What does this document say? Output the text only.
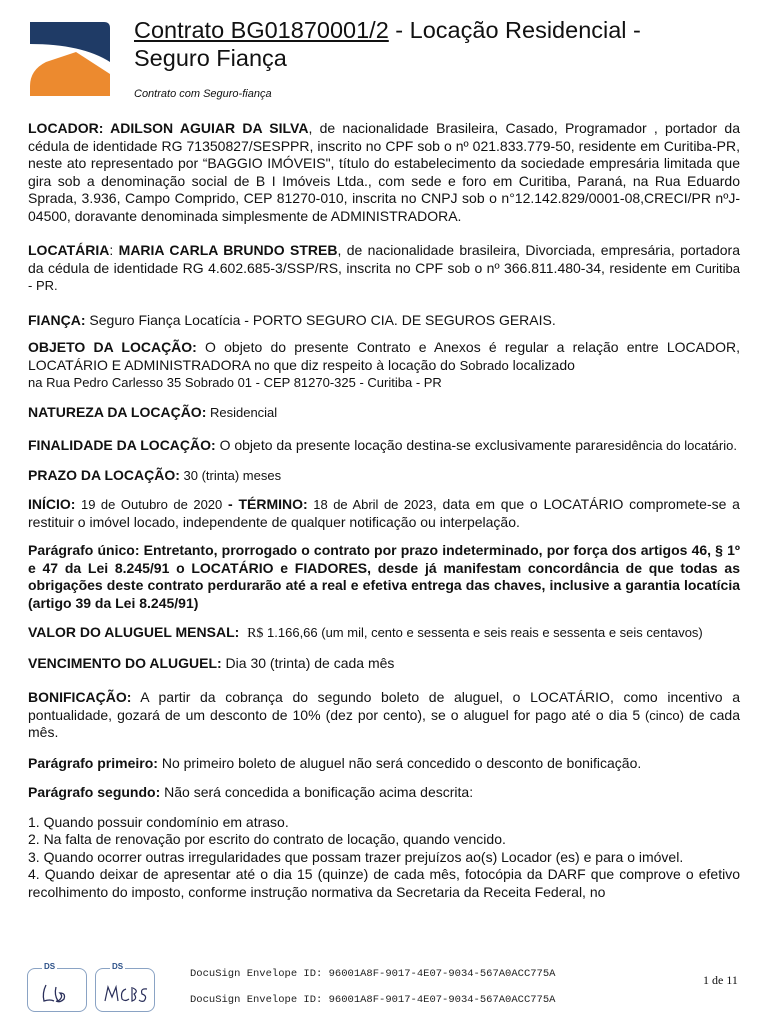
Contrato BG01870001/2 - Locação Residencial -
Seguro Fiança
Contrato com Seguro-fiança

LOCADOR: ADILSON AGUIAR DA SILVA, de nacionalidade Brasileira, Casado, Programador , portador da cédula de identidade RG 71350827/SESPPR, inscrito no CPF sob o nº 021.833.779-50, residente em Curitiba-PR, neste ato representado por “BAGGIO IMÓVEIS", título do estabelecimento da sociedade empresária limitada que gira sob a denominação social de B I Imóveis Ltda., com sede e foro em Curitiba, Paraná, na Rua Eduardo Sprada, 3.936, Campo Comprido, CEP 81270-010, inscrita no CNPJ sob o n°12.142.829/0001-08,CRECI/PR nºJ-04500, doravante denominada simplesmente de ADMINISTRADORA.

LOCATÁRIA: MARIA CARLA BRUNDO STREB, de nacionalidade brasileira, Divorciada, empresária, portadora da cédula de identidade RG 4.602.685-3/SSP/RS, inscrita no CPF sob o nº 366.811.480-34, residente em Curitiba - PR.

FIANÇA: Seguro Fiança Locatícia - PORTO SEGURO CIA. DE SEGUROS GERAIS.

OBJETO DA LOCAÇÃO: O objeto do presente Contrato e Anexos é regular a relação entre LOCADOR, LOCATÁRIO E ADMINISTRADORA no que diz respeito à locação do Sobrado localizado
na Rua Pedro Carlesso 35 Sobrado 01 - CEP 81270-325 - Curitiba - PR

NATUREZA DA LOCAÇÃO: Residencial

FINALIDADE DA LOCAÇÃO: O objeto da presente locação destina-se exclusivamente pararesidência do locatário.

PRAZO DA LOCAÇÃO: 30 (trinta) meses

INÍCIO: 19 de Outubro de 2020 - TÉRMINO: 18 de Abril de 2023, data em que o LOCATÁRIO compromete-se a restituir o imóvel locado, independente de qualquer notificação ou interpelação.

Parágrafo único: Entretanto, prorrogado o contrato por prazo indeterminado, por força dos artigos 46, § 1º e 47 da Lei 8.245/91 o LOCATÁRIO e FIADORES, desde já manifestam concordância de que todas as obrigações deste contrato perdurarão até a real e efetiva entrega das chaves, inclusive a garantia locatícia (artigo 39 da Lei 8.245/91)

VALOR DO ALUGUEL MENSAL: R$ 1.166,66 (um mil, cento e sessenta e seis reais e sessenta e seis centavos)

VENCIMENTO DO ALUGUEL: Dia 30 (trinta) de cada mês

BONIFICAÇÃO: A partir da cobrança do segundo boleto de aluguel, o LOCATÁRIO, como incentivo a pontualidade, gozará de um desconto de 10% (dez por cento), se o aluguel for pago até o dia 5 (cinco) de cada mês.

Parágrafo primeiro: No primeiro boleto de aluguel não será concedido o desconto de bonificação.

Parágrafo segundo: Não será concedida a bonificação acima descrita:

1. Quando possuir condomínio em atraso.

2. Na falta de renovação por escrito do contrato de locação, quando vencido.

3. Quando ocorrer outras irregularidades que possam trazer prejuízos ao(s) Locador (es) e para o imóvel.

4. Quando deixar de apresentar até o dia 15 (quinze) de cada mês, fotocópia da DARF que comprove o efetivo recolhimento do imposto, conforme instrução normativa da Secretaria da Receita Federal, no

DS	DS
DocuSign Envelope ID: 96001A8F-9017-4E07-9034-567A0ACC775A
DocuSign Envelope ID: 96001A8F-9017-4E07-9034-567A0ACC775A
1 de 11
